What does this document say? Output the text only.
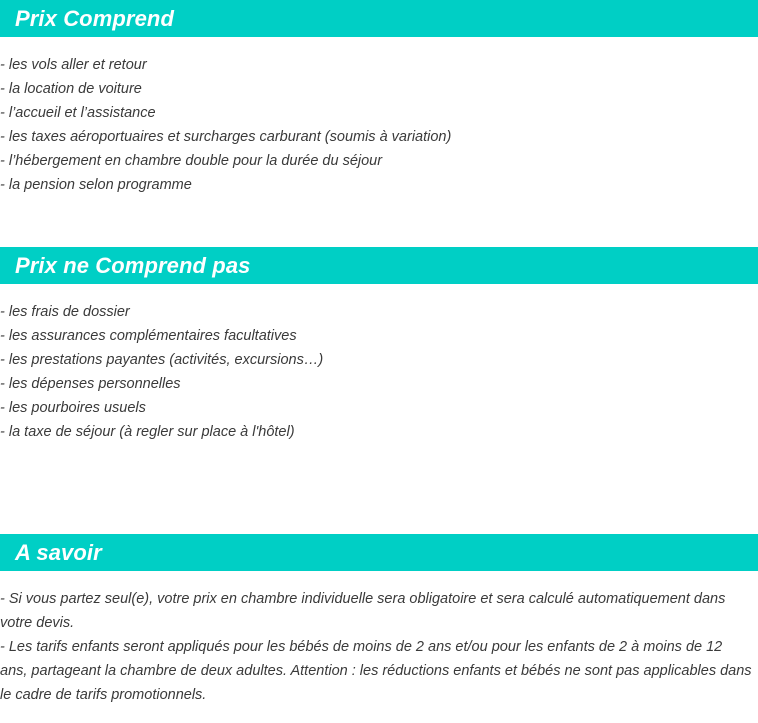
Prix Comprend
- les vols aller et retour
- la location de voiture
- l’accueil et l’assistance
- les taxes aéroportuaires et surcharges carburant (soumis à variation)
- l’hébergement en chambre double pour la durée du séjour
- la pension selon programme
Prix ne Comprend pas
- les frais de dossier
- les assurances complémentaires facultatives
- les prestations payantes (activités, excursions…)
- les dépenses personnelles
- les pourboires usuels
- la taxe de séjour (à regler sur place à l'hôtel)
A savoir

- Si vous partez seul(e), votre prix en chambre individuelle sera obligatoire et sera calculé automatiquement dans votre devis.

- Les tarifs enfants seront appliqués pour les bébés de moins de 2 ans et/ou pour les enfants de 2 à moins de 12 ans, partageant la chambre de deux adultes. Attention : les réductions enfants et bébés ne sont pas applicables dans le cadre de tarifs promotionnels.
